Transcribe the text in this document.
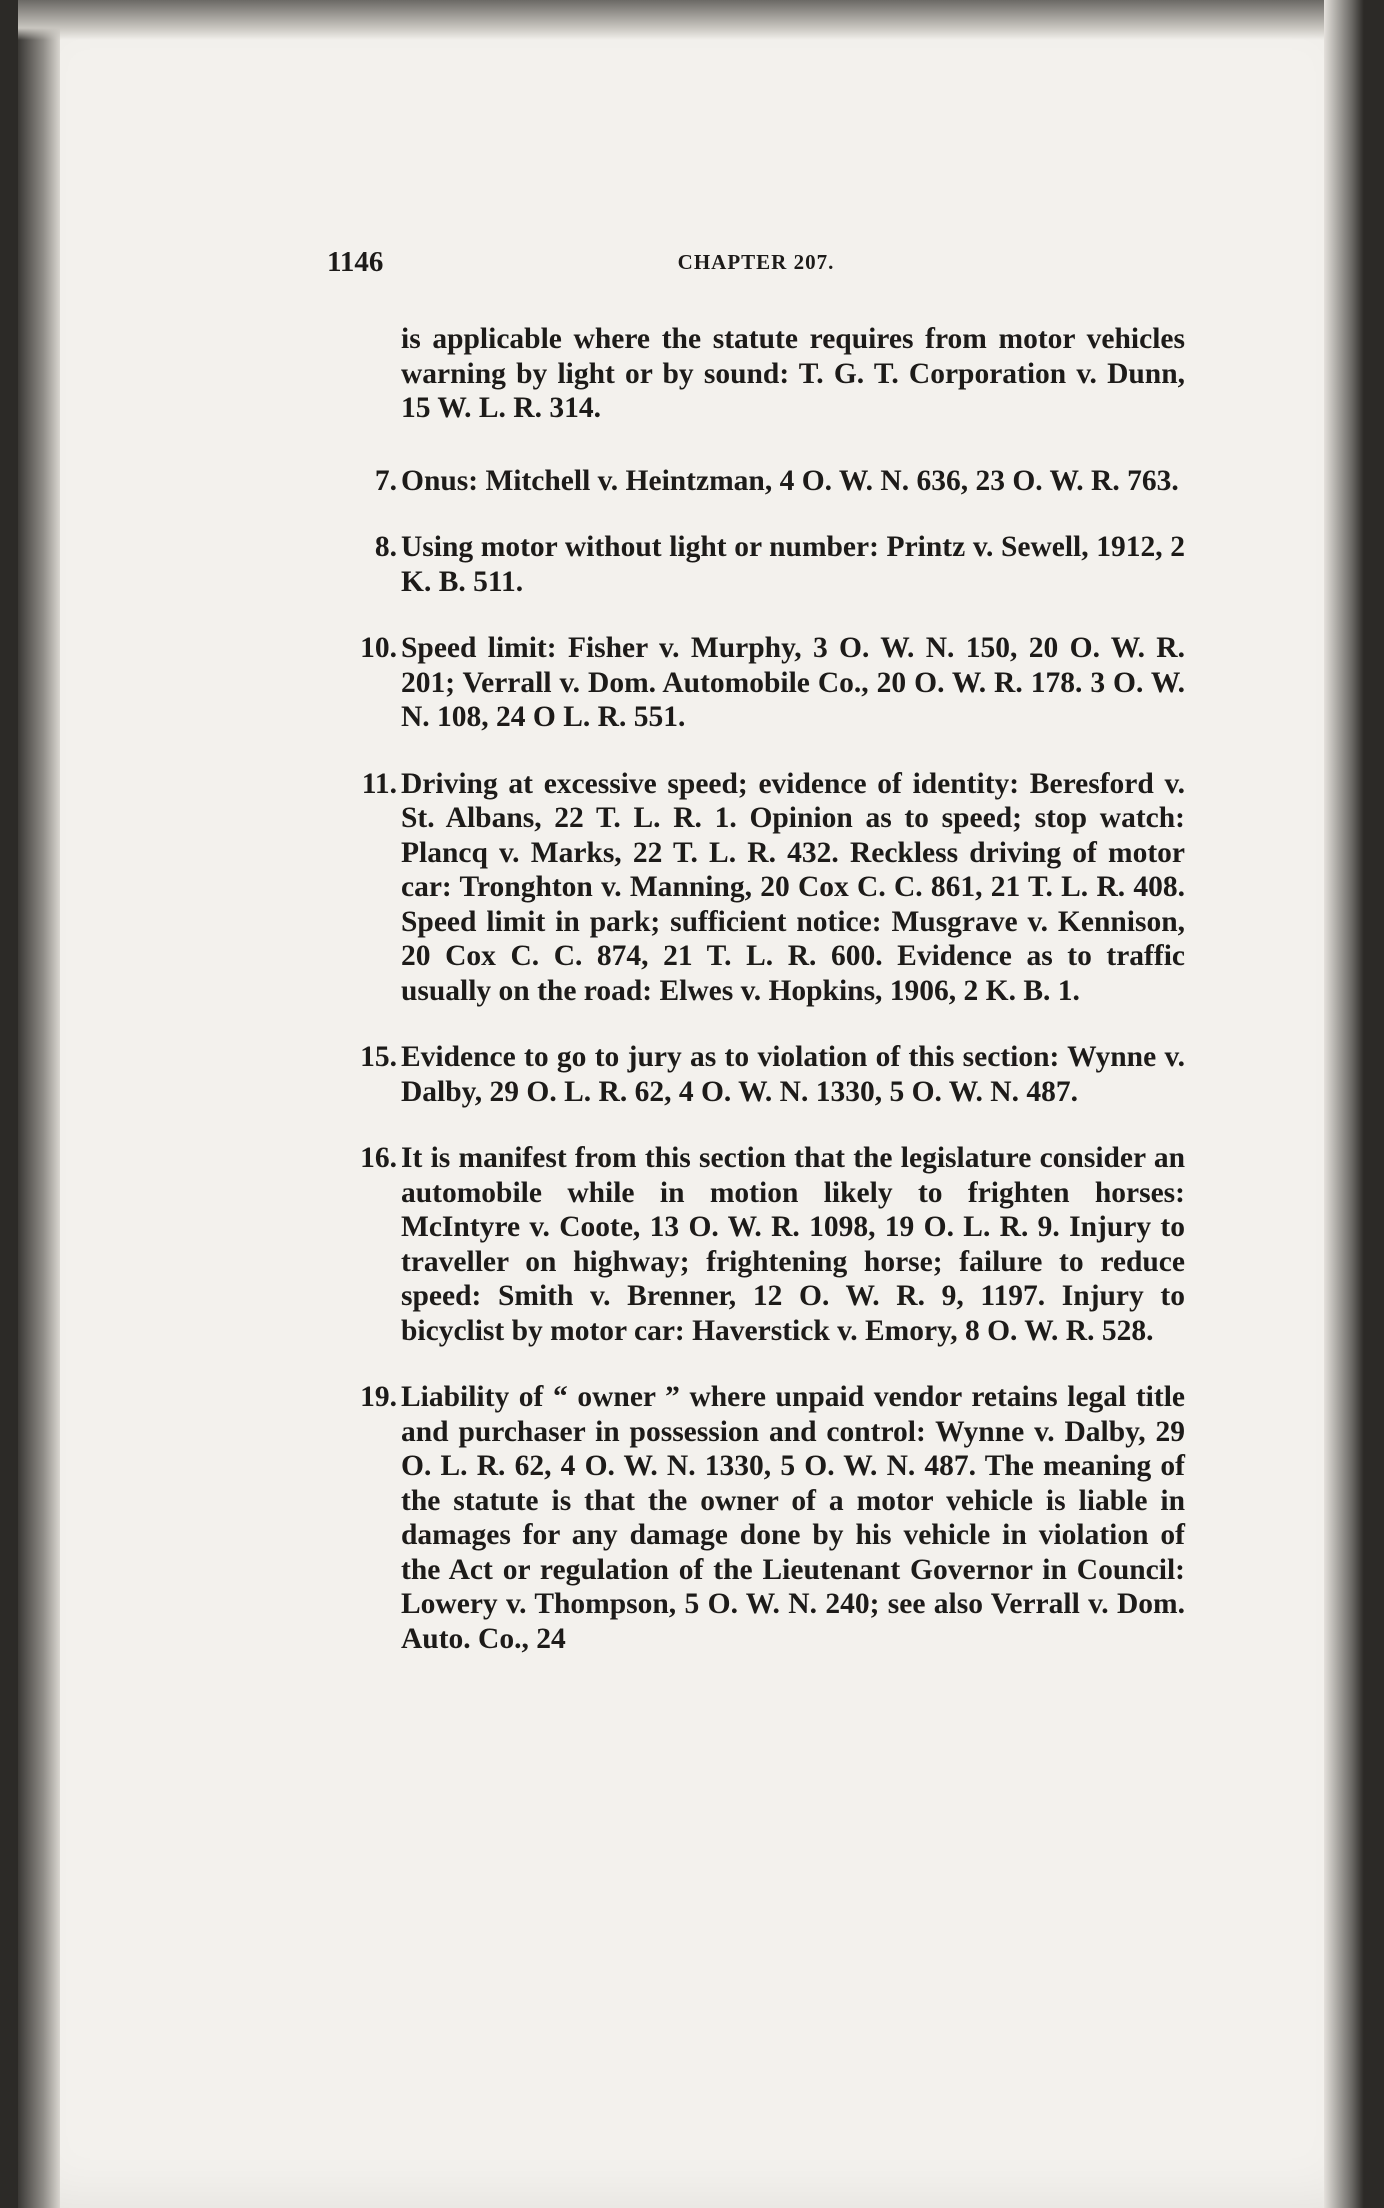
1146	CHAPTER 207.
is applicable where the statute requires from motor vehicles warning by light or by sound: T. G. T. Corporation v. Dunn, 15 W. L. R. 314.
7. Onus: Mitchell v. Heintzman, 4 O. W. N. 636, 23 O. W. R. 763.
8. Using motor without light or number: Printz v. Sewell, 1912, 2 K. B. 511.
10. Speed limit: Fisher v. Murphy, 3 O. W. N. 150, 20 O. W. R. 201; Verrall v. Dom. Automobile Co., 20 O. W. R. 178. 3 O. W. N. 108, 24 O L. R. 551.
11. Driving at excessive speed; evidence of identity: Beresford v. St. Albans, 22 T. L. R. 1. Opinion as to speed; stop watch: Plancq v. Marks, 22 T. L. R. 432. Reckless driving of motor car: Tronghton v. Manning, 20 Cox C. C. 861, 21 T. L. R. 408. Speed limit in park; sufficient notice: Musgrave v. Kennison, 20 Cox C. C. 874, 21 T. L. R. 600. Evidence as to traffic usually on the road: Elwes v. Hopkins, 1906, 2 K. B. 1.
15. Evidence to go to jury as to violation of this section: Wynne v. Dalby, 29 O. L. R. 62, 4 O. W. N. 1330, 5 O. W. N. 487.
16. It is manifest from this section that the legislature consider an automobile while in motion likely to frighten horses: McIntyre v. Coote, 13 O. W. R. 1098, 19 O. L. R. 9. Injury to traveller on highway; frightening horse; failure to reduce speed: Smith v. Brenner, 12 O. W. R. 9, 1197. Injury to bicyclist by motor car: Haverstick v. Emory, 8 O. W. R. 528.
19. Liability of “ owner ” where unpaid vendor retains legal title and purchaser in possession and control: Wynne v. Dalby, 29 O. L. R. 62, 4 O. W. N. 1330, 5 O. W. N. 487. The meaning of the statute is that the owner of a motor vehicle is liable in damages for any damage done by his vehicle in violation of the Act or regulation of the Lieutenant Governor in Council: Lowery v. Thompson, 5 O. W. N. 240; see also Verrall v. Dom. Auto. Co., 24
